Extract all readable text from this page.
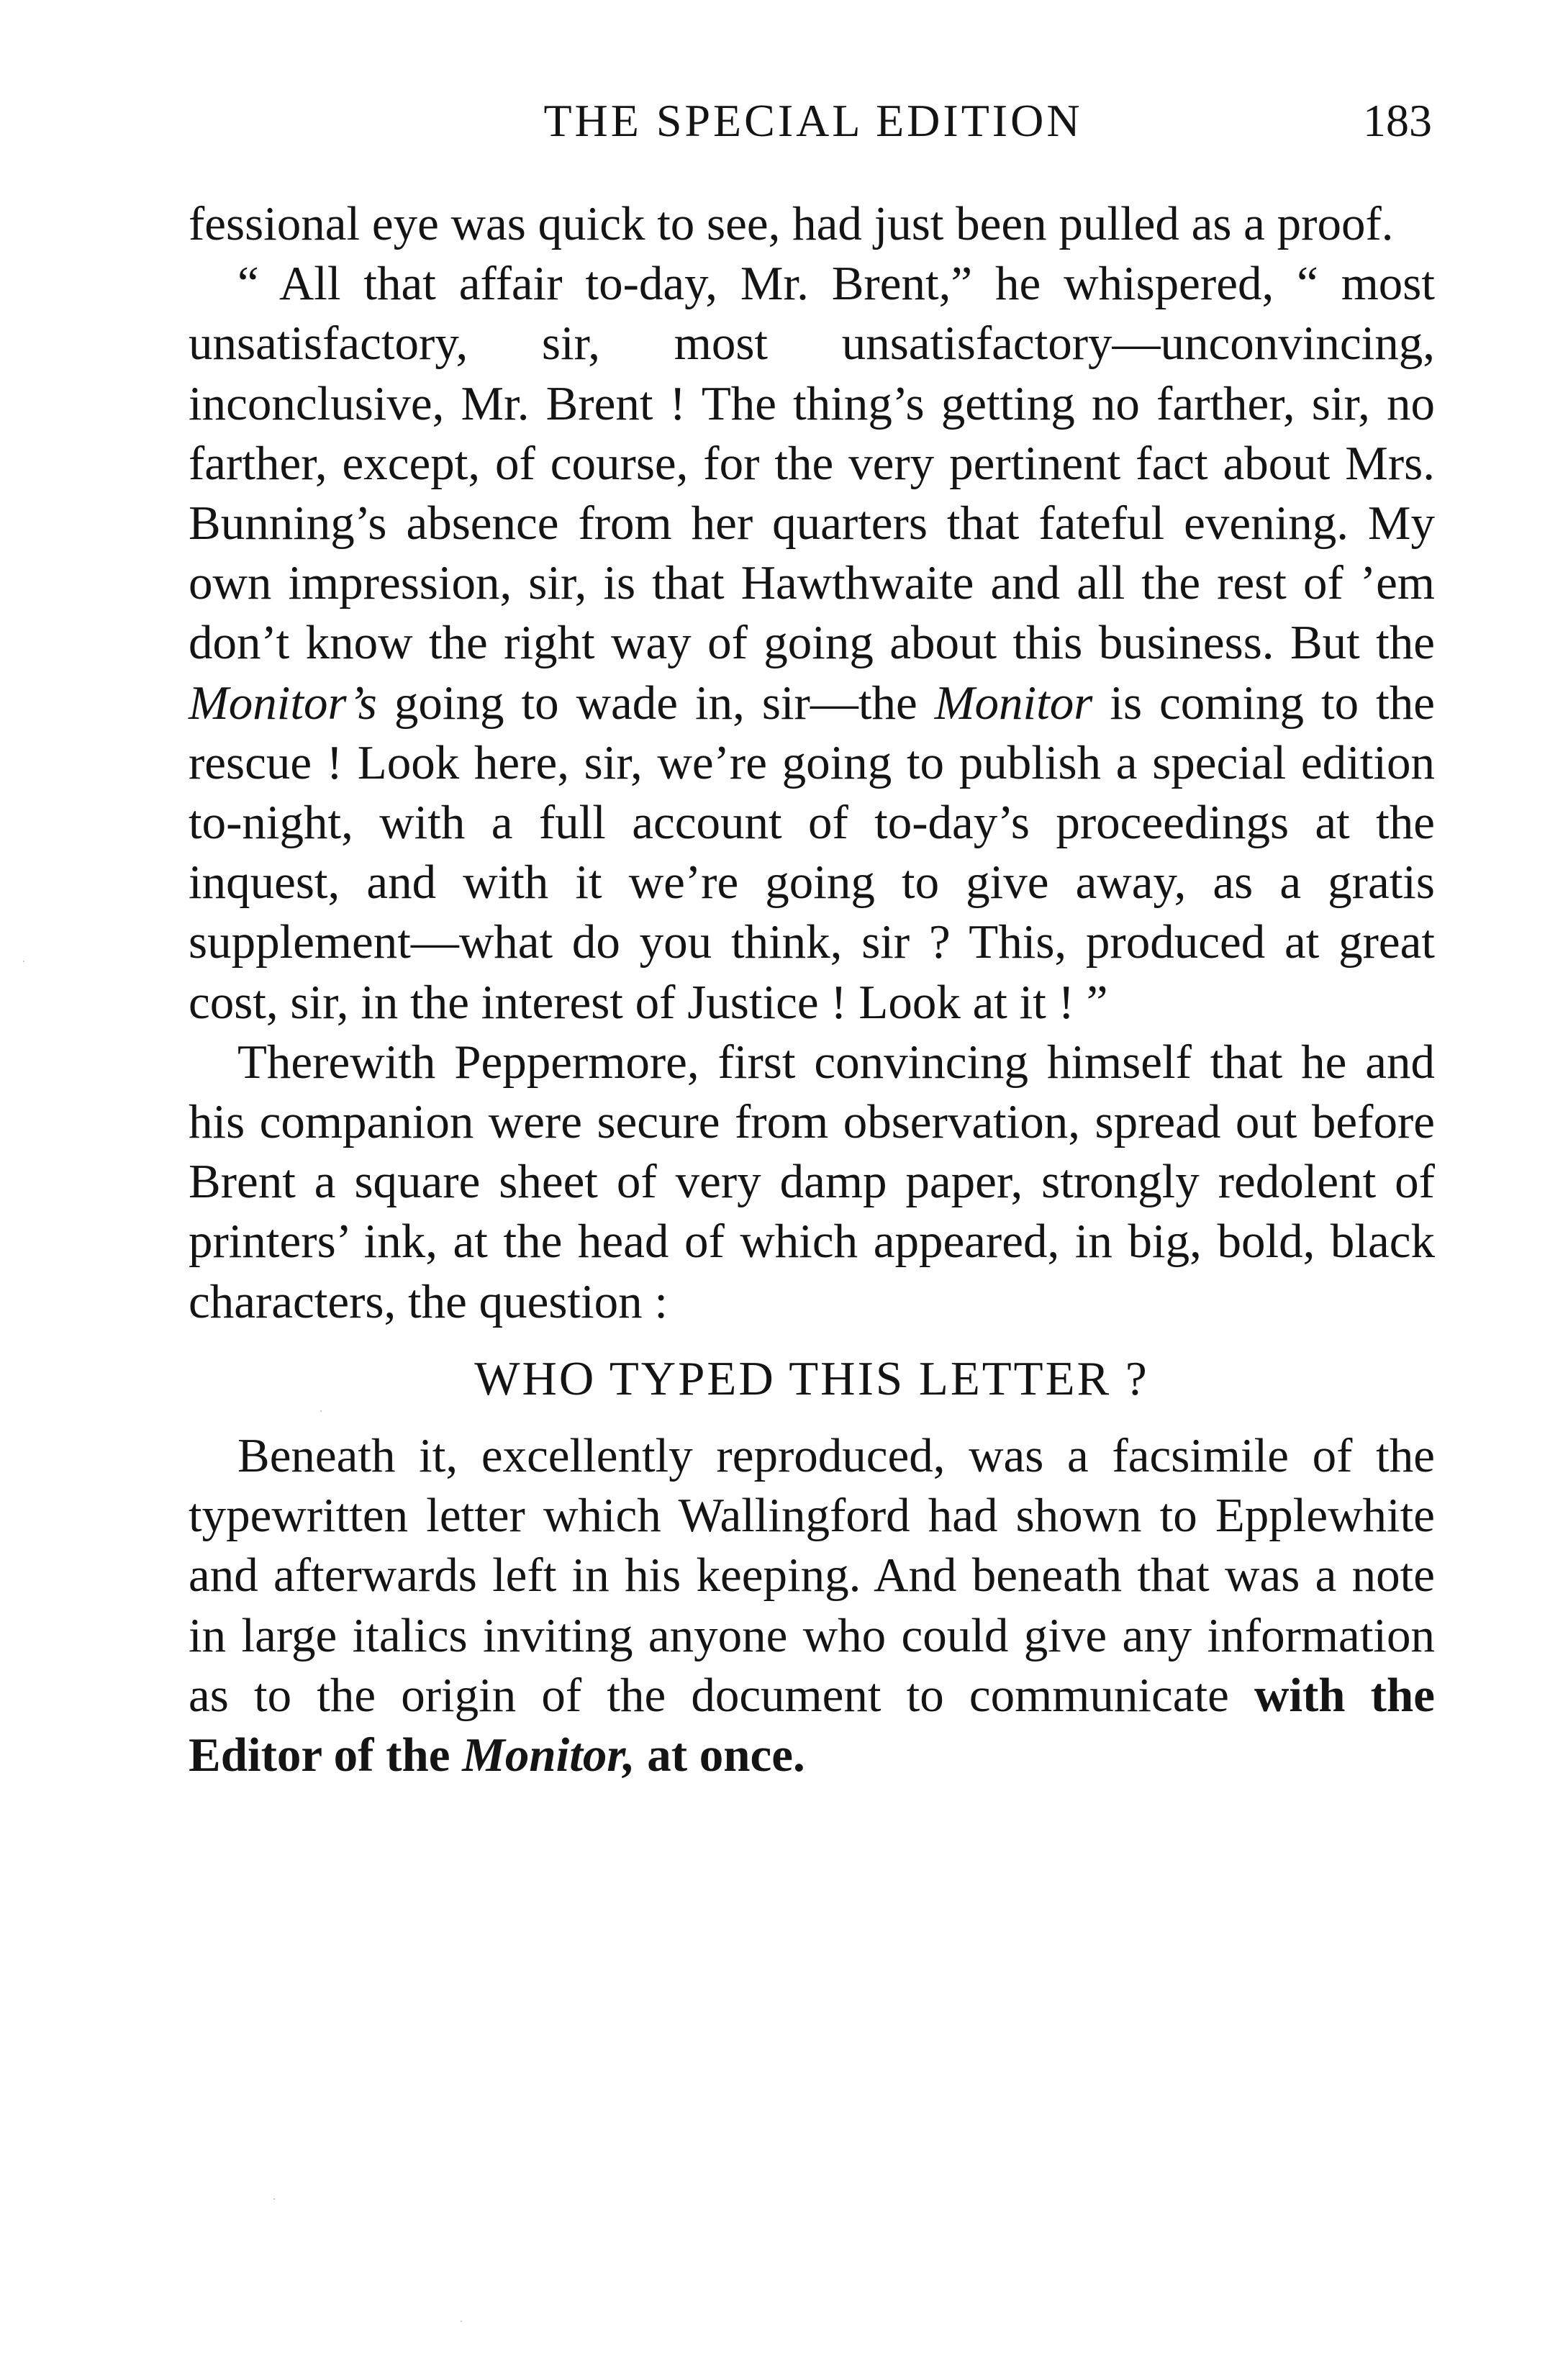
THE SPECIAL EDITION	183

fessional eye was quick to see, had just been pulled as a proof.

“ All that affair to-day, Mr. Brent,” he whispered, “ most unsatisfactory, sir, most unsatisfactory—unconvincing, inconclusive, Mr. Brent ! The thing’s getting no farther, sir, no farther, except, of course, for the very pertinent fact about Mrs. Bunning’s absence from her quarters that fateful evening. My own impression, sir, is that Hawthwaite and all the rest of ’em don’t know the right way of going about this business. But the Monitor’s going to wade in, sir—the Monitor is coming to the rescue ! Look here, sir, we’re going to publish a special edition to-night, with a full account of to-day’s proceedings at the inquest, and with it we’re going to give away, as a gratis supplement—what do you think, sir ? This, produced at great cost, sir, in the interest of Justice ! Look at it ! ”

Therewith Peppermore, first convincing himself that he and his companion were secure from observation, spread out before Brent a square sheet of very damp paper, strongly redolent of printers’ ink, at the head of which appeared, in big, bold, black characters, the question :

WHO TYPED THIS LETTER ?

Beneath it, excellently reproduced, was a facsimile of the typewritten letter which Wallingford had shown to Epplewhite and afterwards left in his keeping. And beneath that was a note in large italics inviting anyone who could give any information as to the origin of the document to communicate with the Editor of the Monitor, at once.
